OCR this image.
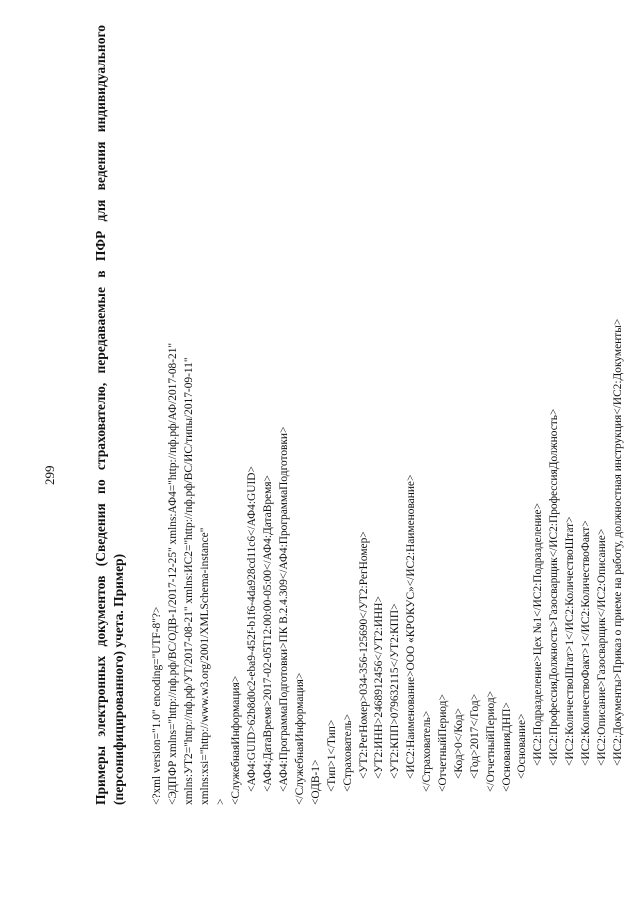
299	Примеры электронных документов (Сведения по страхователю, передаваемые в ПФР для ведения индивидуального (персонифицированного) учета. Пример) <?xml version="1.0" encoding="UTF-8"?> <ЭДПФР xmlns="http://пф.рф/ВС/ОДВ-1/2017-12-25" xmlns:АФ4="http://пф.рф/АФ/2017-08-21" xmlns:УТ2="http://пф.рф/УТ/2017-08-21" xmlns:ИС2="http://пф.рф/ВС/ИС/типы/2017-09-11" xmlns:xsi="http://www.w3.org/2001/XMLSchema-instance" > <СлужебнаяИнформация> <АФ4:GUID>62b8d0c2-eba9-452f-b1f6-4da928cd11c6</АФ4:GUID> <АФ4:ДатаВремя>2017-02-05T12:00:00-05:00</АФ4:ДатаВремя> <АФ4:ПрограммаПодготовки>ПК В.2.4.309</АФ4:ПрограммаПодготовки> </СлужебнаяИнформация> <ОДВ-1> <Тип>1</Тип> <Страхователь> <УТ2:РегНомер>034-356-125690</УТ2:РегНомер> <УТ2:ИНН>2468912456</УТ2:ИНН> <УТ2:КПП>079632115</УТ2:КПП> <ИС2:Наименование>ООО «КРОКУС»</ИС2:Наименование> </Страхователь> <ОтчетныйПериод> <Код>0</Код> <Год>2017</Год> </ОтчетныйПериод> <ОснованияДНП> <Основание> <ИС2:Подразделение>Цех №1</ИС2:Подразделение> <ИС2:ПрофессияДолжность>Газосварщик</ИС2:ПрофессияДолжность> <ИС2:КоличествоШтат>1</ИС2:КоличествоШтат> <ИС2:КоличествоФакт>1</ИС2:КоличествоФакт> <ИС2:Описание>Газосварщик</ИС2:Описание> <ИС2:Документы>Приказ о приеме на работу, должностная инструкция</ИС2:Документы>
